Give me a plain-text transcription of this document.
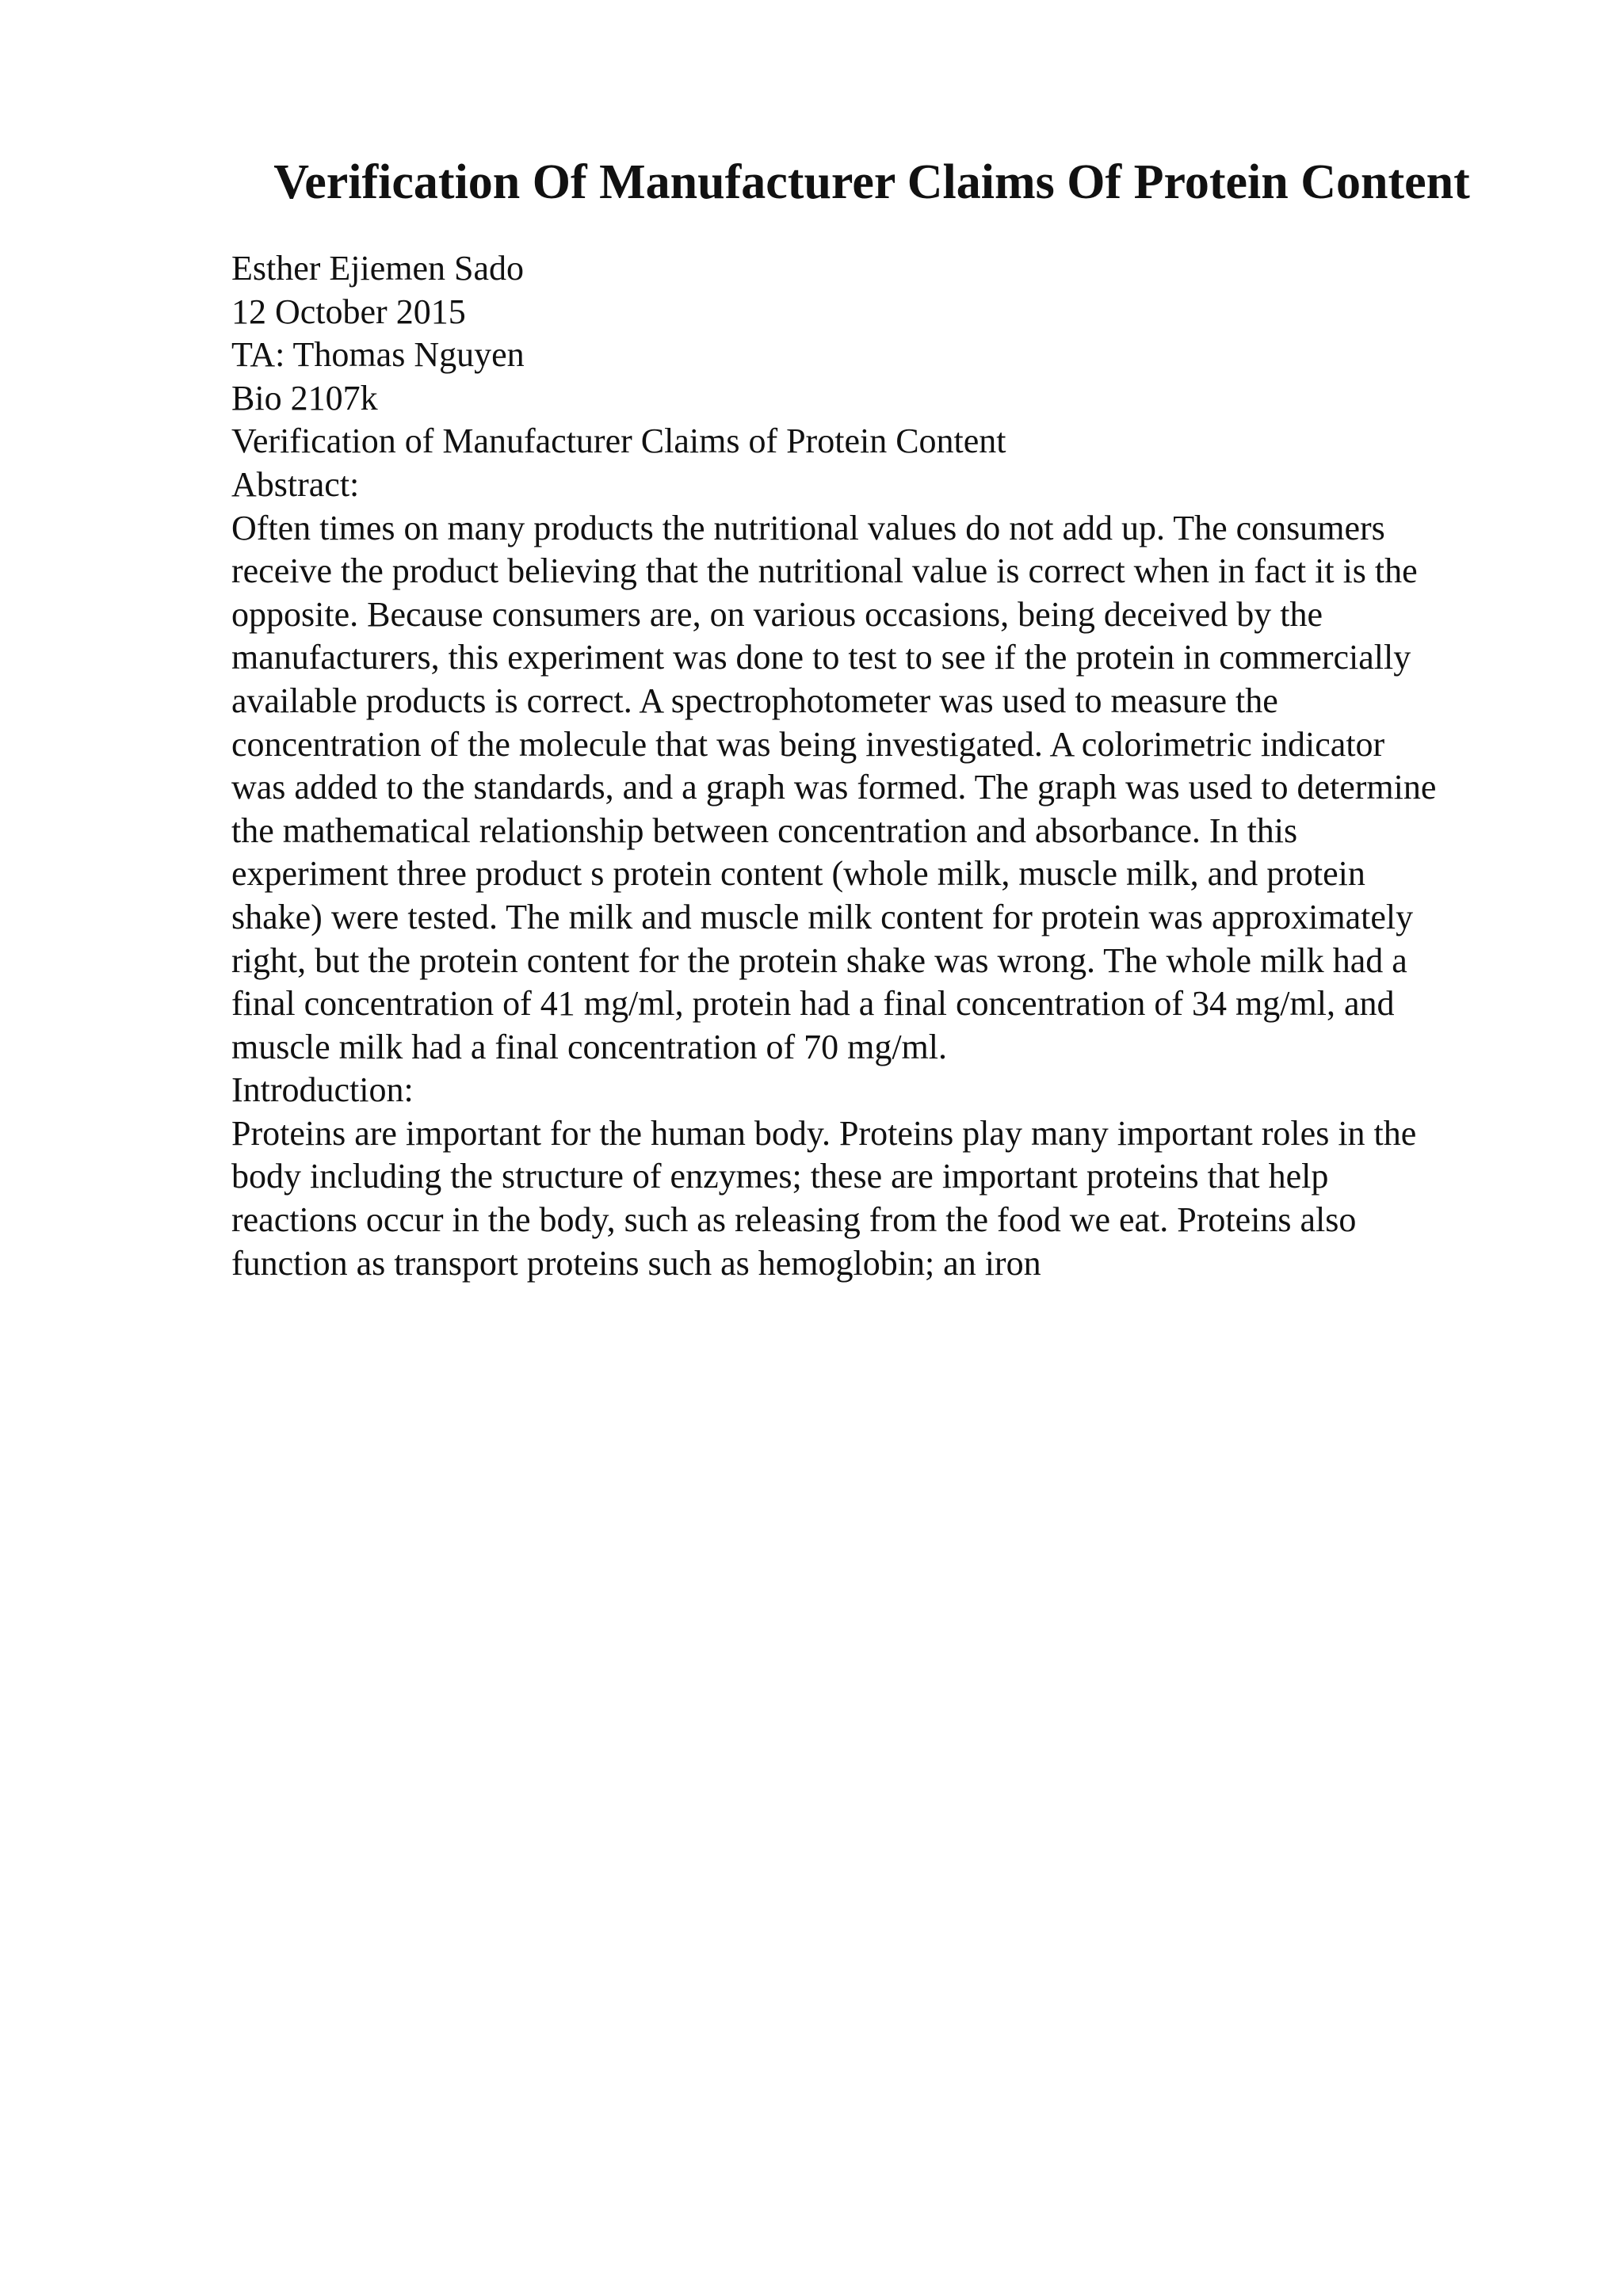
Verification Of Manufacturer Claims Of Protein Content
Esther Ejiemen Sado
12 October 2015
TA: Thomas Nguyen
Bio 2107k
Verification of Manufacturer Claims of Protein Content
Abstract:
Often times on many products the nutritional values do not add up. The consumers
receive the product believing that the nutritional value is correct when in fact it is the
opposite. Because consumers are, on various occasions, being deceived by the
manufacturers, this experiment was done to test to see if the protein in commercially
available products is correct. A spectrophotometer was used to measure the
concentration of the molecule that was being investigated. A colorimetric indicator
was added to the standards, and a graph was formed. The graph was used to determine
the mathematical relationship between concentration and absorbance. In this
experiment three product s protein content (whole milk, muscle milk, and protein
shake) were tested. The milk and muscle milk content for protein was approximately
right, but the protein content for the protein shake was wrong. The whole milk had a
final concentration of 41 mg/ml, protein had a final concentration of 34 mg/ml, and
muscle milk had a final concentration of 70 mg/ml.
Introduction:
Proteins are important for the human body. Proteins play many important roles in the
body including the structure of enzymes; these are important proteins that help
reactions occur in the body, such as releasing from the food we eat. Proteins also
function as transport proteins such as hemoglobin; an iron
